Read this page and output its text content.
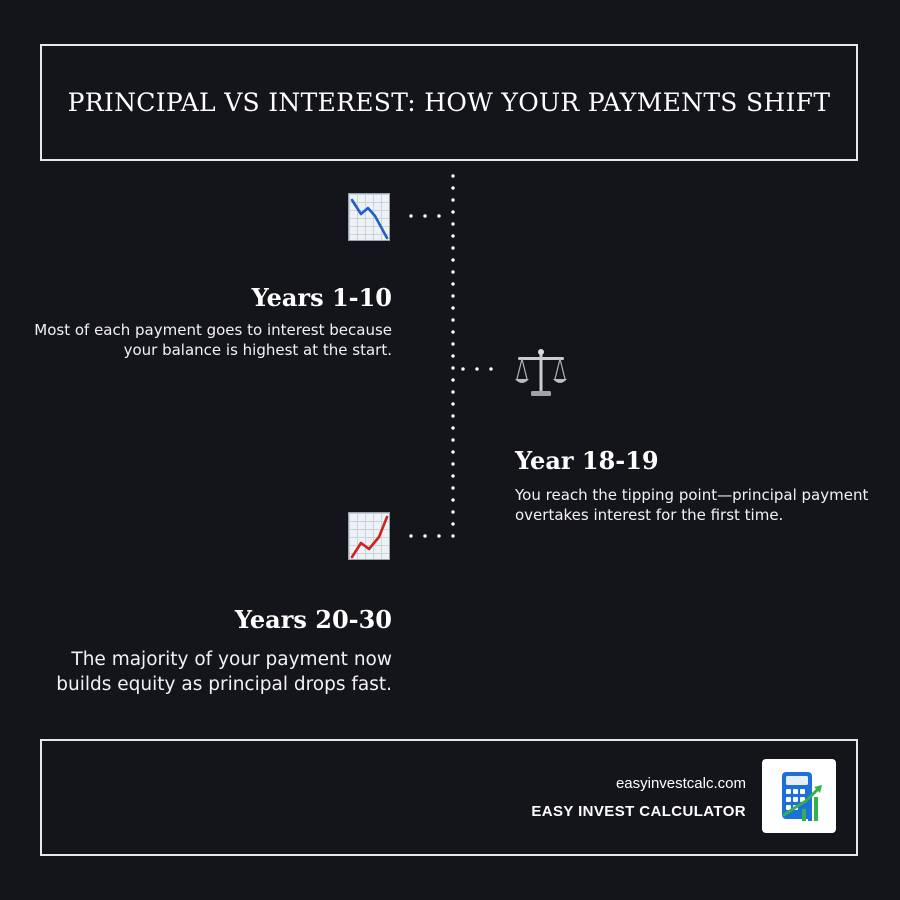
PRINCIPAL VS INTEREST: HOW YOUR PAYMENTS SHIFT
Years 1-10

Most of each payment goes to interest because your balance is highest at the start.

Year 18-19

You reach the tipping point—principal payment overtakes interest for the first time.

Years 20-30

The majority of your payment now builds equity as principal drops fast.

easyinvestcalc.com
EASY INVEST CALCULATOR
